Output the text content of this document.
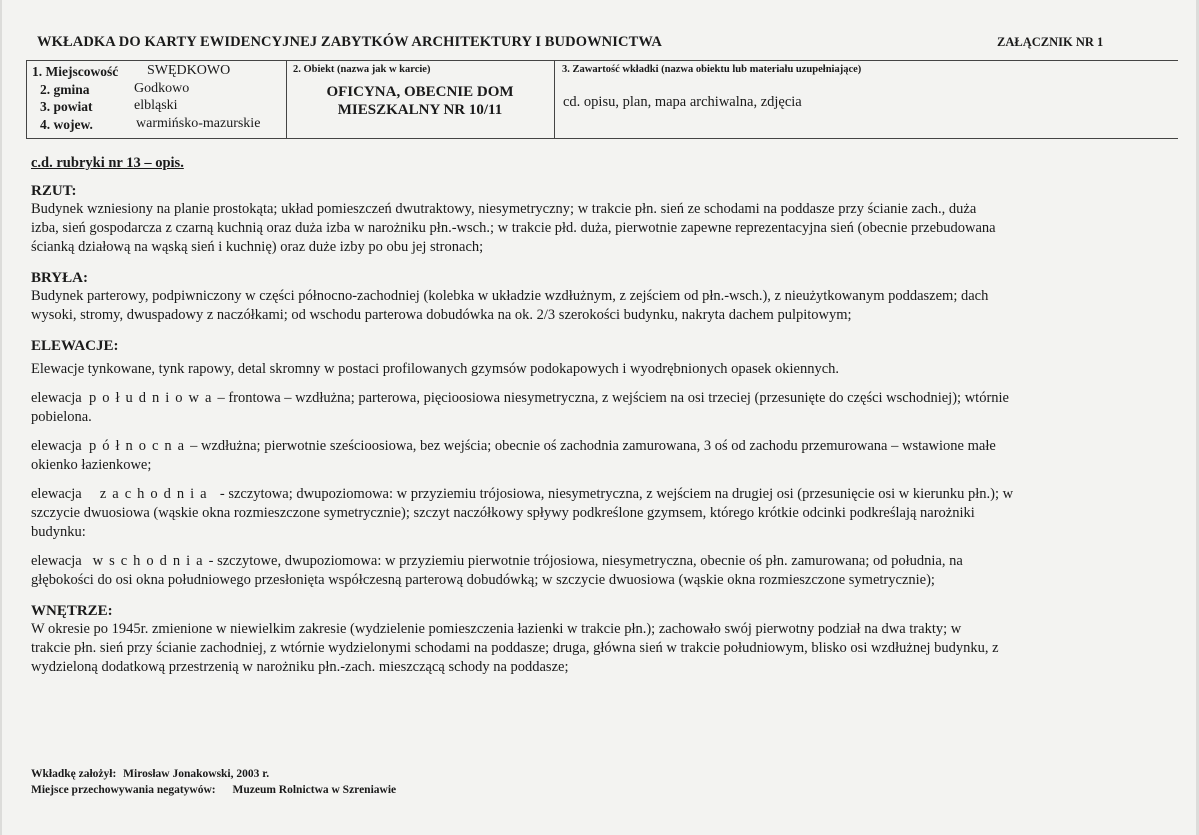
WKŁADKA DO KARTY EWIDENCYJNEJ ZABYTKÓW ARCHITEKTURY I BUDOWNICTWA	ZAŁĄCZNIK NR 1
1. Miejscowość SWĘDKOWO
2. gmina	Godkowo
3. powiat	elbląski
4. wojew.	warmińsko-mazurskie
2. Obiekt (nazwa jak w karcie)
OFICYNA, OBECNIE DOM
MIESZKALNY NR 10/11
3. Zawartość wkładki (nazwa obiektu lub materiału uzupełniające)
cd. opisu, plan, mapa archiwalna, zdjęcia
c.d. rubryki nr 13 – opis.
RZUT:

Budynek wzniesiony na planie prostokąta; układ pomieszczeń dwutraktowy, niesymetryczny; w trakcie płn. sień ze schodami na poddasze przy ścianie zach., duża

izba, sień gospodarcza z czarną kuchnią oraz duża izba w narożniku płn.-wsch.; w trakcie płd. duża, pierwotnie zapewne reprezentacyjna sień (obecnie przebudowana

ścianką działową na wąską sień i kuchnię) oraz duże izby po obu jej stronach;

BRYŁA:

Budynek parterowy, podpiwniczony w części północno-zachodniej (kolebka w układzie wzdłużnym, z zejściem od płn.-wsch.), z nieużytkowanym poddaszem; dach

wysoki, stromy, dwuspadowy z naczółkami; od wschodu parterowa dobudówka na ok. 2/3 szerokości budynku, nakryta dachem pulpitowym;

ELEWACJE:

Elewacje tynkowane, tynk rapowy, detal skromny w postaci profilowanych gzymsów podokapowych i wyodrębnionych opasek okiennych.

elewacja południowa– frontowa – wzdłużna; parterowa, pięcioosiowa niesymetryczna, z wejściem na osi trzeciej (przesunięte do części wschodniej); wtórnie

pobielona.

elewacja północna– wzdłużna; pierwotnie sześcioosiowa, bez wejścia; obecnie oś zachodnia zamurowana, 3 oś od zachodu przemurowana – wstawione małe

okienko łazienkowe;

elewacja zachodnia - szczytowa; dwupoziomowa: w przyziemiu trójosiowa, niesymetryczna, z wejściem na drugiej osi (przesunięcie osi w kierunku płn.); w

szczycie dwuosiowa (wąskie okna rozmieszczone symetrycznie); szczyt naczółkowy spływy podkreślone gzymsem, którego krótkie odcinki podkreślają narożniki

budynku:

elewacja wschodnia- szczytowe, dwupoziomowa: w przyziemiu pierwotnie trójosiowa, niesymetryczna, obecnie oś płn. zamurowana; od południa, na

głębokości do osi okna południowego przesłonięta współczesną parterową dobudówką; w szczycie dwuosiowa (wąskie okna rozmieszczone symetrycznie);

WNĘTRZE:

W okresie po 1945r. zmienione w niewielkim zakresie (wydzielenie pomieszczenia łazienki w trakcie płn.); zachowało swój pierwotny podział na dwa trakty; w

trakcie płn. sień przy ścianie zachodniej, z wtórnie wydzielonymi schodami na poddasze; druga, główna sień w trakcie południowym, blisko osi wzdłużnej budynku, z

wydzieloną dodatkową przestrzenią w narożniku płn.-zach. mieszczącą schody na poddasze;

Wkładkę założył: Mirosław Jonakowski, 2003 r.
Miejsce przechowywania negatywów: Muzeum Rolnictwa w Szreniawie
